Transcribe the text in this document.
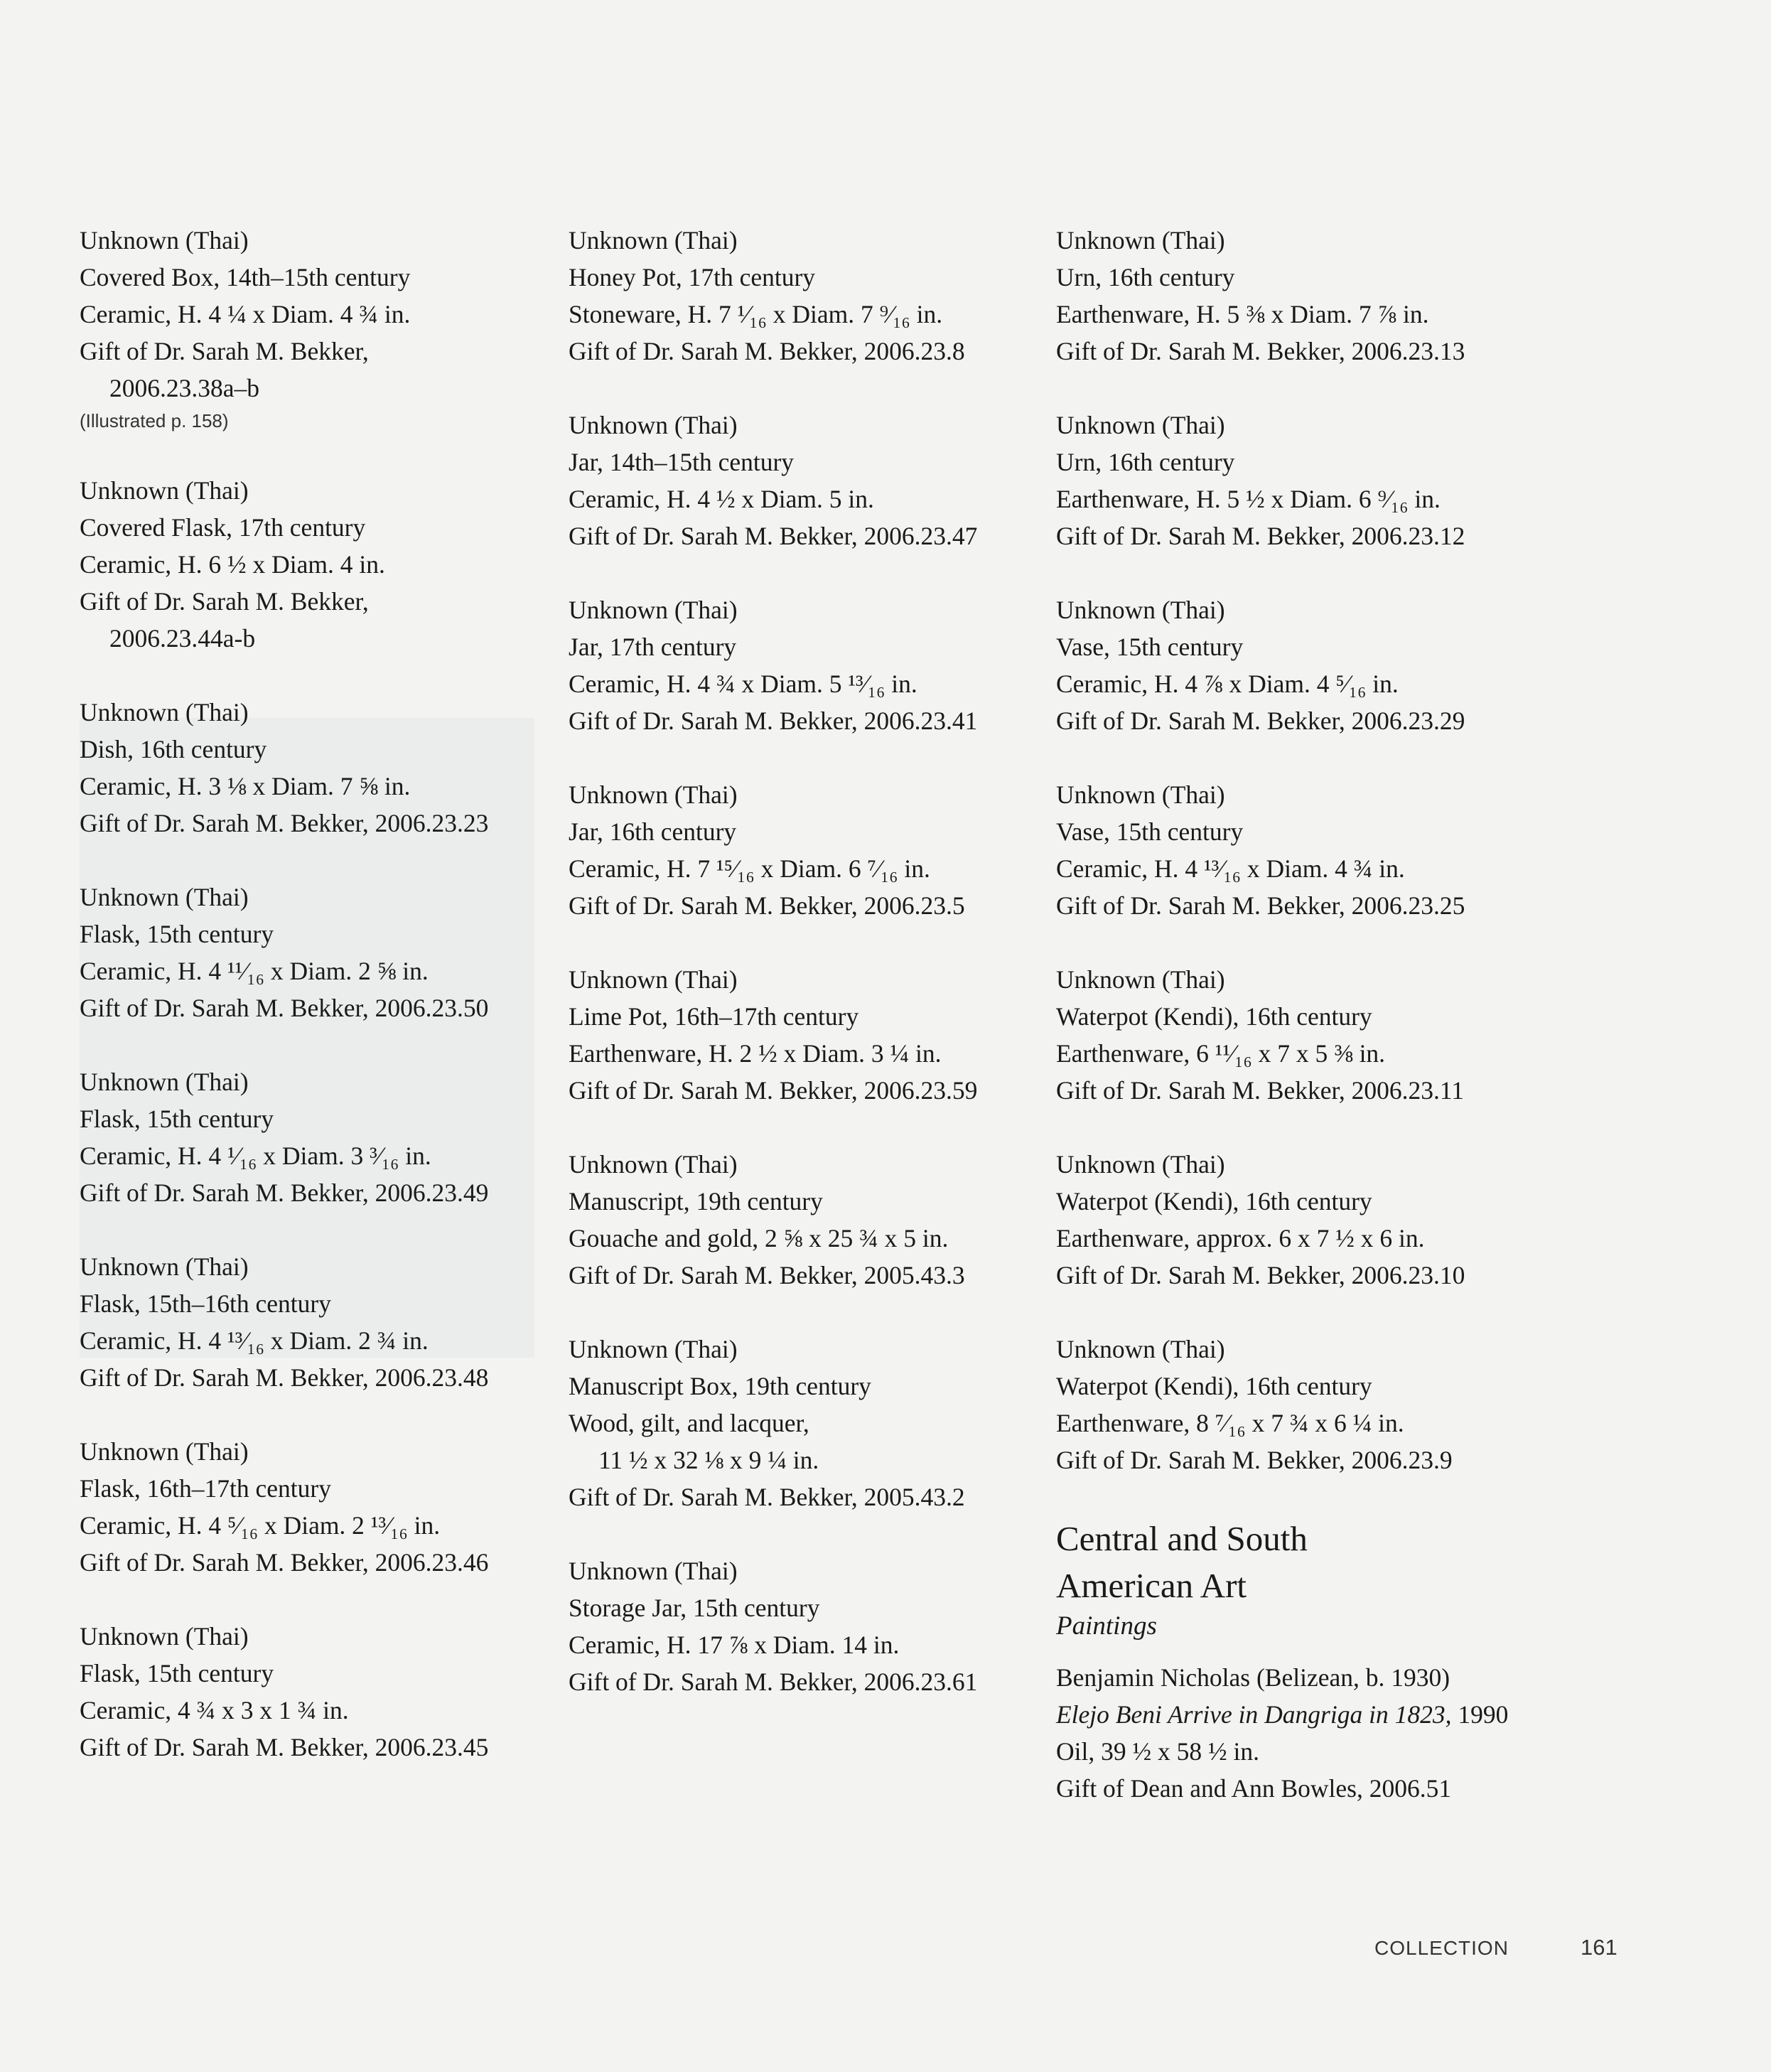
Unknown (Thai)
Covered Box, 14th–15th century
Ceramic, H. 4 ¼ x Diam. 4 ¾ in.
Gift of Dr. Sarah M. Bekker,
2006.23.38a–b
(Illustrated p. 158)
Unknown (Thai)
Covered Flask, 17th century
Ceramic, H. 6 ½ x Diam. 4 in.
Gift of Dr. Sarah M. Bekker,
2006.23.44a-b
Unknown (Thai)
Dish, 16th century
Ceramic, H. 3 ⅛ x Diam. 7 ⅝ in.
Gift of Dr. Sarah M. Bekker, 2006.23.23
Unknown (Thai)
Flask, 15th century
Ceramic, H. 4 ¹¹⁄₁₆ x Diam. 2 ⅝ in.
Gift of Dr. Sarah M. Bekker, 2006.23.50
Unknown (Thai)
Flask, 15th century
Ceramic, H. 4 ¹⁄₁₆ x Diam. 3 ³⁄₁₆ in.
Gift of Dr. Sarah M. Bekker, 2006.23.49
Unknown (Thai)
Flask, 15th–16th century
Ceramic, H. 4 ¹³⁄₁₆ x Diam. 2 ¾ in.
Gift of Dr. Sarah M. Bekker, 2006.23.48
Unknown (Thai)
Flask, 16th–17th century
Ceramic, H. 4 ⁵⁄₁₆ x Diam. 2 ¹³⁄₁₆ in.
Gift of Dr. Sarah M. Bekker, 2006.23.46
Unknown (Thai)
Flask, 15th century
Ceramic, 4 ¾ x 3 x 1 ¾ in.
Gift of Dr. Sarah M. Bekker, 2006.23.45
Unknown (Thai)
Honey Pot, 17th century
Stoneware, H. 7 ¹⁄₁₆ x Diam. 7 ⁹⁄₁₆ in.
Gift of Dr. Sarah M. Bekker, 2006.23.8
Unknown (Thai)
Jar, 14th–15th century
Ceramic, H. 4 ½ x Diam. 5 in.
Gift of Dr. Sarah M. Bekker, 2006.23.47
Unknown (Thai)
Jar, 17th century
Ceramic, H. 4 ¾ x Diam. 5 ¹³⁄₁₆ in.
Gift of Dr. Sarah M. Bekker, 2006.23.41
Unknown (Thai)
Jar, 16th century
Ceramic, H. 7 ¹⁵⁄₁₆ x Diam. 6 ⁷⁄₁₆ in.
Gift of Dr. Sarah M. Bekker, 2006.23.5
Unknown (Thai)
Lime Pot, 16th–17th century
Earthenware, H. 2 ½ x Diam. 3 ¼ in.
Gift of Dr. Sarah M. Bekker, 2006.23.59
Unknown (Thai)
Manuscript, 19th century
Gouache and gold, 2 ⅝ x 25 ¾ x 5 in.
Gift of Dr. Sarah M. Bekker, 2005.43.3
Unknown (Thai)
Manuscript Box, 19th century
Wood, gilt, and lacquer,
11 ½ x 32 ⅛ x 9 ¼ in.
Gift of Dr. Sarah M. Bekker, 2005.43.2
Unknown (Thai)
Storage Jar, 15th century
Ceramic, H. 17 ⅞ x Diam. 14 in.
Gift of Dr. Sarah M. Bekker, 2006.23.61
Unknown (Thai)
Urn, 16th century
Earthenware, H. 5 ⅜ x Diam. 7 ⅞ in.
Gift of Dr. Sarah M. Bekker, 2006.23.13
Unknown (Thai)
Urn, 16th century
Earthenware, H. 5 ½ x Diam. 6 ⁹⁄₁₆ in.
Gift of Dr. Sarah M. Bekker, 2006.23.12
Unknown (Thai)
Vase, 15th century
Ceramic, H. 4 ⅞ x Diam. 4 ⁵⁄₁₆ in.
Gift of Dr. Sarah M. Bekker, 2006.23.29
Unknown (Thai)
Vase, 15th century
Ceramic, H. 4 ¹³⁄₁₆ x Diam. 4 ¾ in.
Gift of Dr. Sarah M. Bekker, 2006.23.25
Unknown (Thai)
Waterpot (Kendi), 16th century
Earthenware, 6 ¹¹⁄₁₆ x 7 x 5 ⅜ in.
Gift of Dr. Sarah M. Bekker, 2006.23.11
Unknown (Thai)
Waterpot (Kendi), 16th century
Earthenware, approx. 6 x 7 ½ x 6 in.
Gift of Dr. Sarah M. Bekker, 2006.23.10
Unknown (Thai)
Waterpot (Kendi), 16th century
Earthenware, 8 ⁷⁄₁₆ x 7 ¾ x 6 ¼ in.
Gift of Dr. Sarah M. Bekker, 2006.23.9
Central and South
American Art
Paintings
Benjamin Nicholas (Belizean, b. 1930)
Elejo Beni Arrive in Dangriga in 1823, 1990
Oil, 39 ½ x 58 ½ in.
Gift of Dean and Ann Bowles, 2006.51
COLLECTION	161
